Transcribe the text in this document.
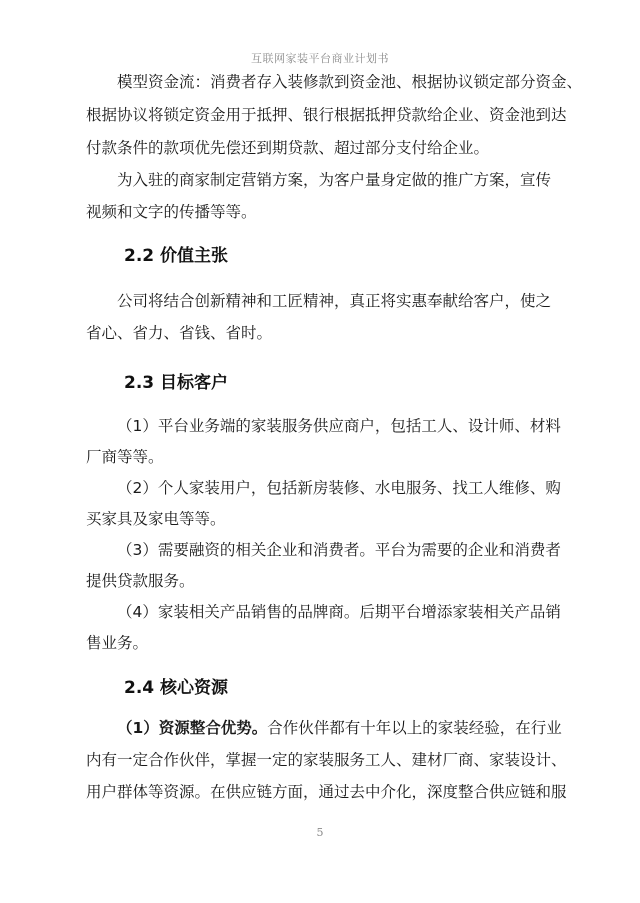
互联网家装平台商业计划书
模型资金流：消费者存入装修款到资金池、根据协议锁定部分资金、
根据协议将锁定资金用于抵押、银行根据抵押贷款给企业、资金池到达
付款条件的款项优先偿还到期贷款、超过部分支付给企业。
为入驻的商家制定营销方案，为客户量身定做的推广方案，宣传
视频和文字的传播等等。
2.2 价值主张
公司将结合创新精神和工匠精神，真正将实惠奉献给客户，使之
省心、省力、省钱、省时。
2.3 目标客户
（1）平台业务端的家装服务供应商户，包括工人、设计师、材料
厂商等等。
（2）个人家装用户，包括新房装修、水电服务、找工人维修、购
买家具及家电等等。
（3）需要融资的相关企业和消费者。平台为需要的企业和消费者
提供贷款服务。
（4）家装相关产品销售的品牌商。后期平台增添家装相关产品销
售业务。
2.4 核心资源
（1）资源整合优势。合作伙伴都有十年以上的家装经验，在行业
内有一定合作伙伴，掌握一定的家装服务工人、建材厂商、家装设计、
用户群体等资源。在供应链方面，通过去中介化，深度整合供应链和服
5
